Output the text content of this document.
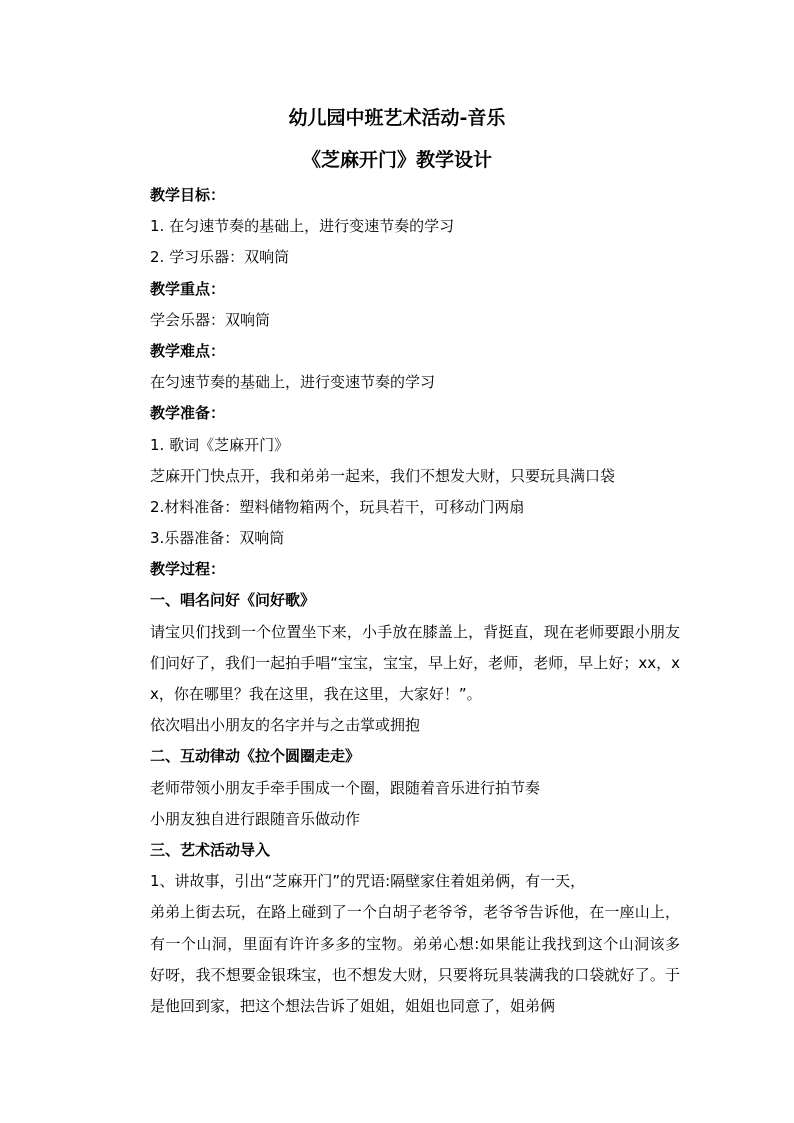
幼儿园中班艺术活动-音乐
《芝麻开门》教学设计
教学目标：
1. 在匀速节奏的基础上，进行变速节奏的学习
2. 学习乐器：双响筒
教学重点：
学会乐器：双响筒
教学难点：
在匀速节奏的基础上，进行变速节奏的学习
教学准备：
1. 歌词《芝麻开门》
芝麻开门快点开，我和弟弟一起来，我们不想发大财，只要玩具满口袋
2.材料准备：塑料储物箱两个，玩具若干，可移动门两扇
3.乐器准备：双响筒
教学过程：
一、唱名问好《问好歌》

请宝贝们找到一个位置坐下来，小手放在膝盖上，背挺直，现在老师要跟小朋友们问好了，我们一起拍手唱“宝宝，宝宝，早上好，老师，老师，早上好；xx，xx，你在哪里？我在这里，我在这里，大家好！”。

依次唱出小朋友的名字并与之击掌或拥抱
二、互动律动《拉个圆圈走走》
老师带领小朋友手牵手围成一个圈，跟随着音乐进行拍节奏
小朋友独自进行跟随音乐做动作
三、艺术活动导入
1、讲故事，引出“芝麻开门”的咒语:隔壁家住着姐弟俩，有一天，

弟弟上街去玩，在路上碰到了一个白胡子老爷爷，老爷爷告诉他，在一座山上，有一个山洞，里面有许许多多的宝物。弟弟心想:如果能让我找到这个山洞该多好呀，我不想要金银珠宝，也不想发大财，只要将玩具装满我的口袋就好了。于是他回到家，把这个想法告诉了姐姐，姐姐也同意了，姐弟俩
